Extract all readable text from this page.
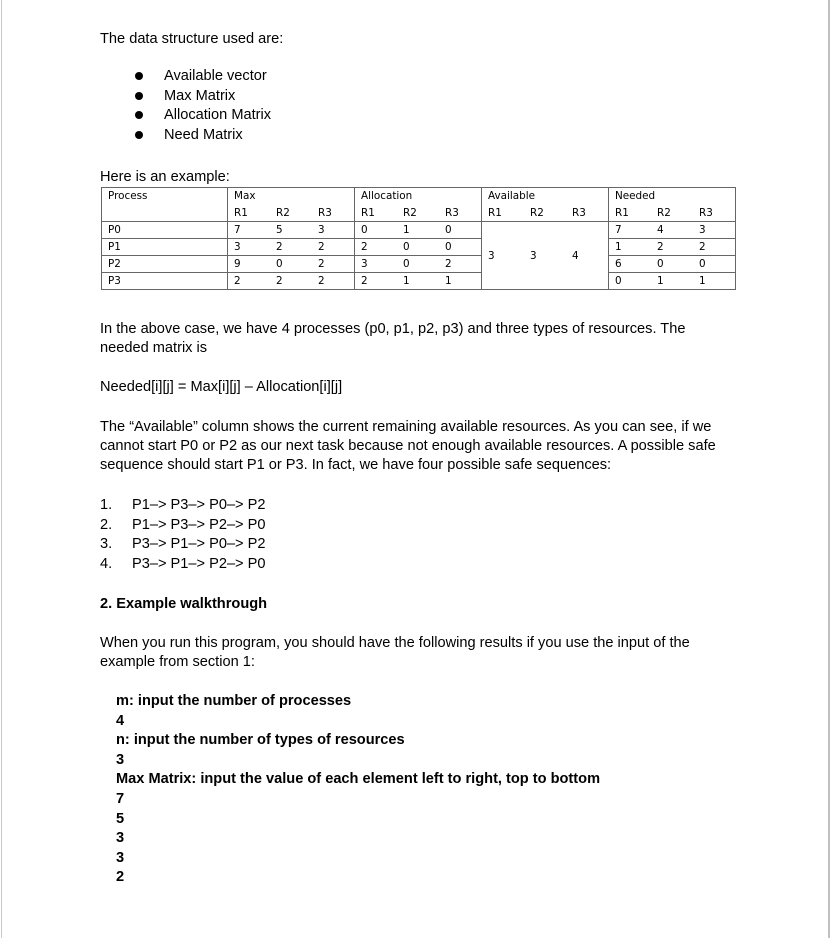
The data structure used are:
Available vector
Max Matrix
Allocation Matrix
Need Matrix
Here is an example:
Process	Max	Allocation	Available	Needed

	R1 R2 R3	R1 R2 R3	R1 R2 R3	R1 R2 R3

P0	7 5 3	0 1 0	3 3 4	7 4 3

P1	3 2 2	2 0 0		1 2 2

P2	9 0 2	3 0 2		6 0 0

P3	2 2 2	2 1 1		0 1 1
In the above case, we have 4 processes (p0, p1, p2, p3) and three types of resources. The
needed matrix is
Needed[i][j] = Max[i][j] – Allocation[i][j]
The “Available” column shows the current remaining available resources. As you can see, if we
cannot start P0 or P2 as our next task because not enough available resources. A possible safe
sequence should start P1 or P3. In fact, we have four possible safe sequences:
1. P1–> P3–> P0–> P2
2. P1–> P3–> P2–> P0
3. P3–> P1–> P0–> P2
4. P3–> P1–> P2–> P0
2. Example walkthrough
When you run this program, you should have the following results if you use the input of the
example from section 1:
m: input the number of processes
4
n: input the number of types of resources
3
Max Matrix: input the value of each element left to right, top to bottom
7
5
3
3
2
